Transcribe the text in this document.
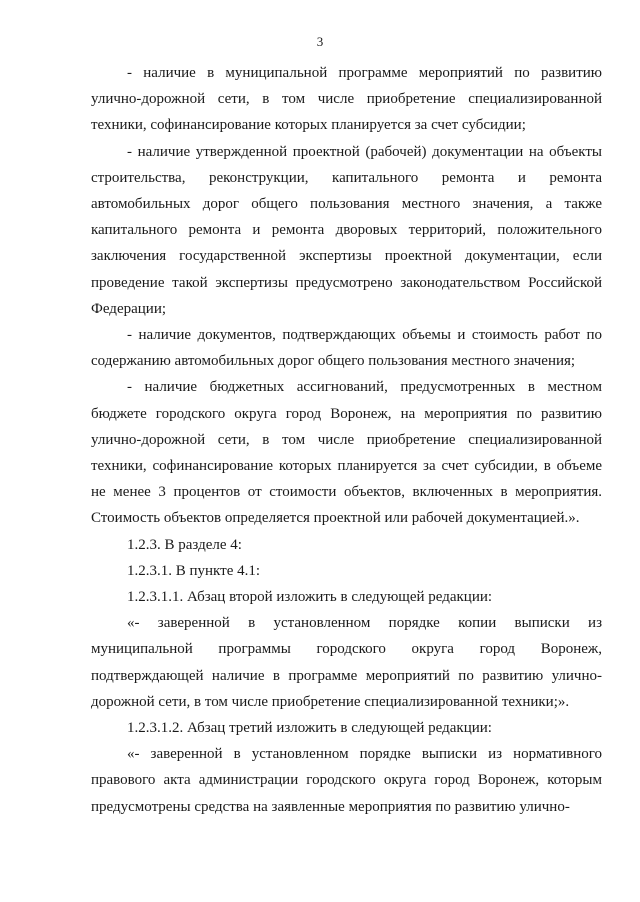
3

- наличие в муниципальной программе мероприятий по развитию улично-дорожной сети, в том числе приобретение специализированной техники, софинансирование которых планируется за счет субсидии;

- наличие утвержденной проектной (рабочей) документации на объекты строительства, реконструкции, капитального ремонта и ремонта автомобильных дорог общего пользования местного значения, а также капитального ремонта и ремонта дворовых территорий, положительного заключения государственной экспертизы проектной документации, если проведение такой экспертизы предусмотрено законодательством Российской Федерации;

- наличие документов, подтверждающих объемы и стоимость работ по содержанию автомобильных дорог общего пользования местного значения;

- наличие бюджетных ассигнований, предусмотренных в местном бюджете городского округа город Воронеж, на мероприятия по развитию улично-дорожной сети, в том числе приобретение специализированной техники, софинансирование которых планируется за счет субсидии, в объеме не менее 3 процентов от стоимости объектов, включенных в мероприятия. Стоимость объектов определяется проектной или рабочей документацией.».

1.2.3. В разделе 4:

1.2.3.1. В пункте 4.1:

1.2.3.1.1. Абзац второй изложить в следующей редакции:

«- заверенной в установленном порядке копии выписки из муниципальной программы городского округа город Воронеж, подтверждающей наличие в программе мероприятий по развитию улично-дорожной сети, в том числе приобретение специализированной техники;».

1.2.3.1.2. Абзац третий изложить в следующей редакции:

«- заверенной в установленном порядке выписки из нормативного правового акта администрации городского округа город Воронеж, которым предусмотрены средства на заявленные мероприятия по развитию улично-
